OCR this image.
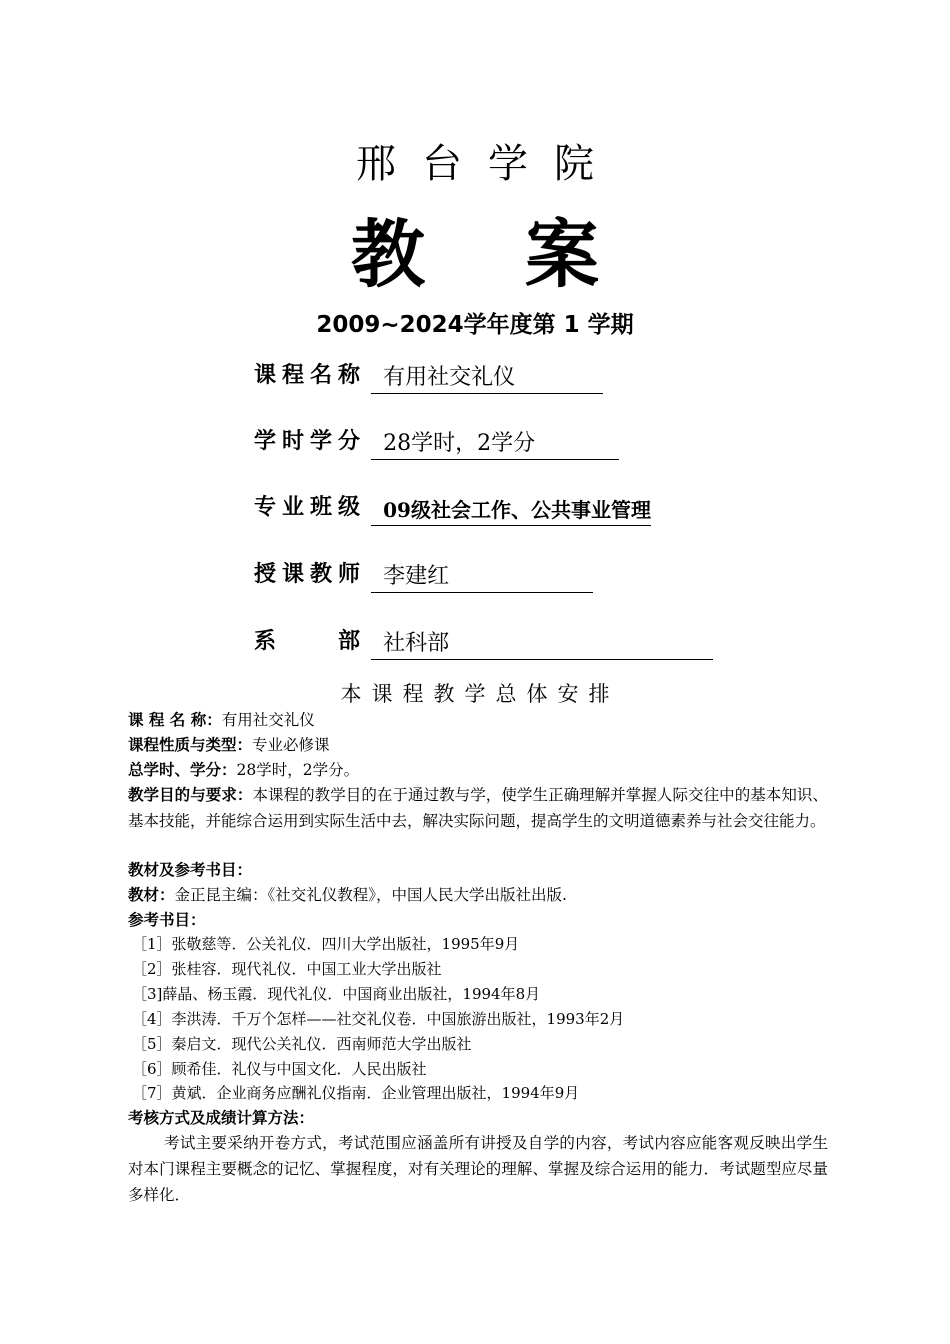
邢台学院
教案
2009~2024学年度第 1 学期
课程名称 有用社交礼仪
学时学分 28学时，2学分
专业班级 09级社会工作、公共事业管理
授课教师 李建红
系　　部 社科部
本课程教学总体安排
课 程 名 称：有用社交礼仪
课程性质与类型：专业必修课
总学时、学分：28学时，2学分。
教学目的与要求：本课程的教学目的在于通过教与学，使学生正确理解并掌握人际交往中的基本知识、基本技能，并能综合运用到实际生活中去，解决实际问题，提高学生的文明道德素养与社会交往能力。
教材及参考书目：
教材：金正昆主编：《社交礼仪教程》，中国人民大学出版社出版.
参考书目：
［1］张敬慈等．公关礼仪．四川大学出版社，1995年9月
［2］张桂容．现代礼仪．中国工业大学出版社
［3]薛晶、杨玉霞．现代礼仪．中国商业出版社，1994年8月
［4］李洪涛．千万个怎样——社交礼仪卷．中国旅游出版社，1993年2月
［5］秦启文．现代公关礼仪．西南师范大学出版社
［6］顾希佳．礼仪与中国文化．人民出版社
［7］黄斌．企业商务应酬礼仪指南．企业管理出版社，1994年9月
考核方式及成绩计算方法：
考试主要采纳开卷方式，考试范围应涵盖所有讲授及自学的内容，考试内容应能客观反映出学生对本门课程主要概念的记忆、掌握程度，对有关理论的理解、掌握及综合运用的能力．考试题型应尽量多样化．
